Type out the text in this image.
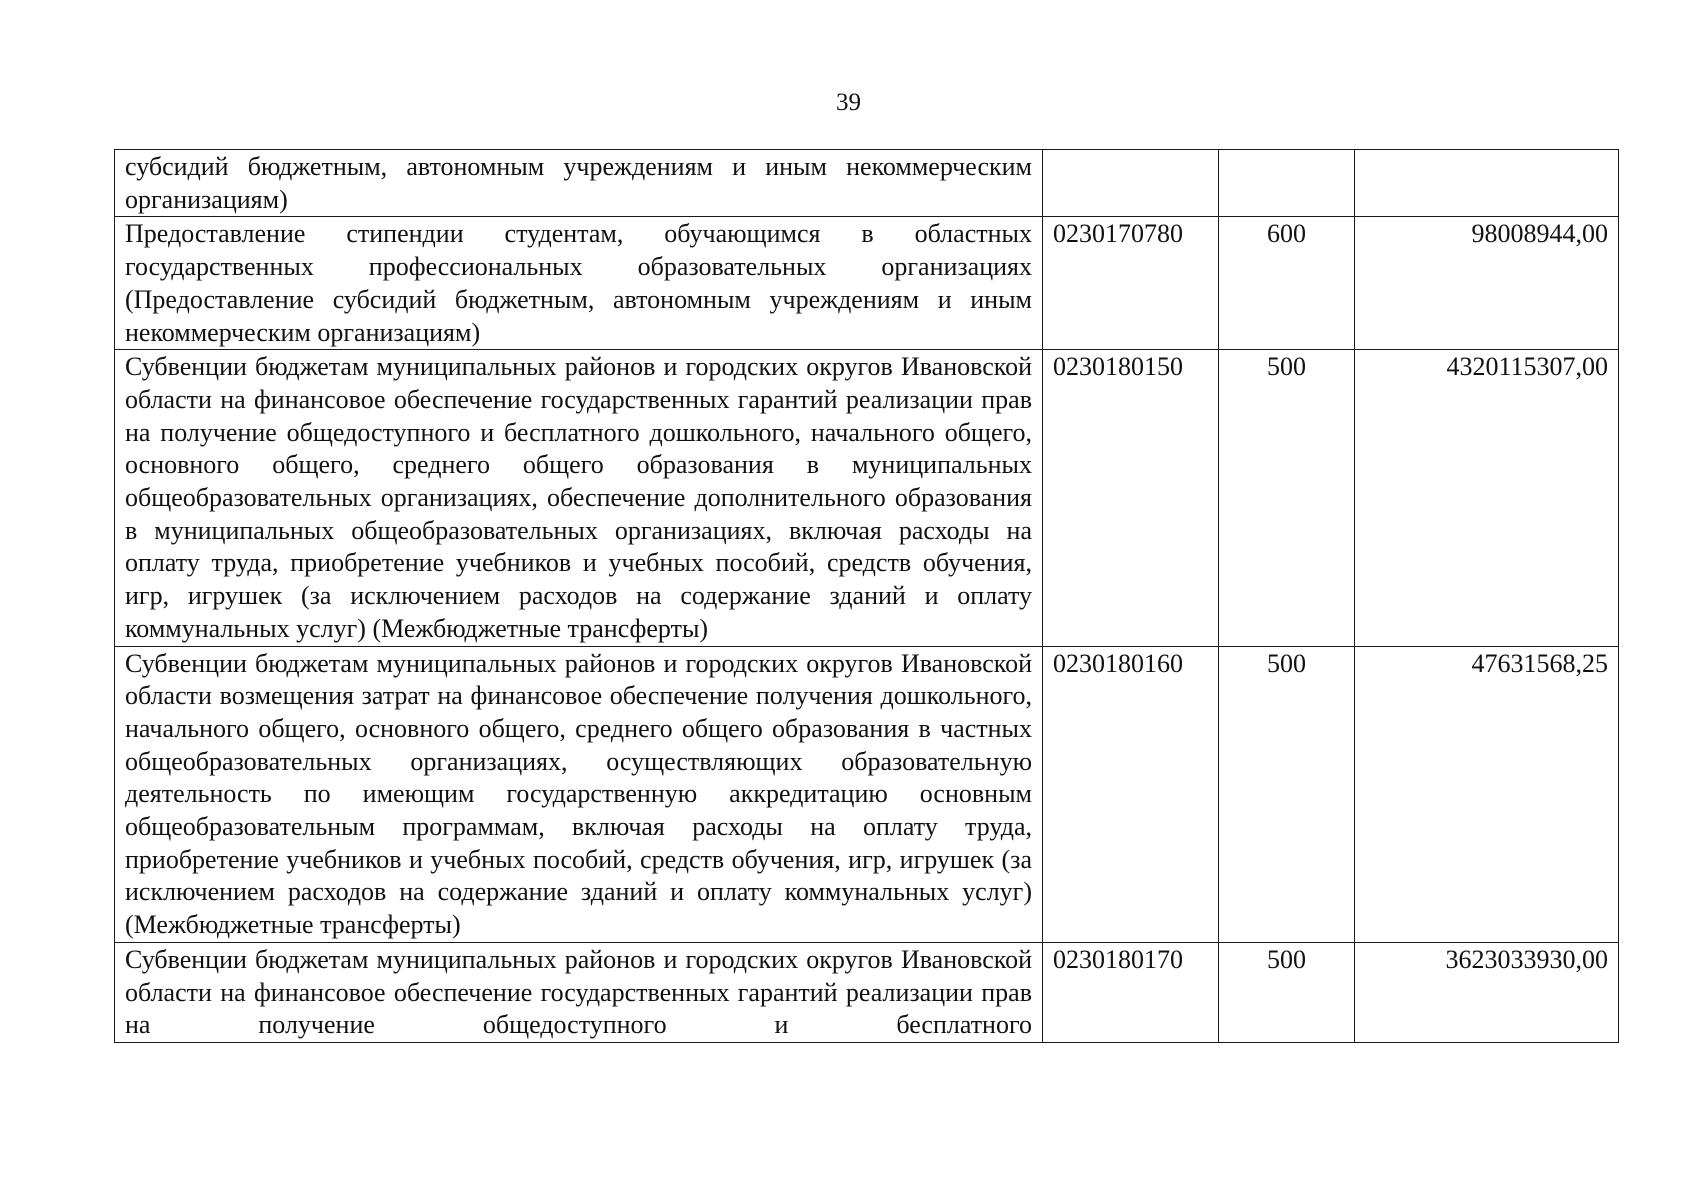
39
субсидий бюджетным, автономным учреждениям и иным некоммерческим организациям)			
Предоставление стипендии студентам, обучающимся в областных государственных профессиональных образовательных организациях (Предоставление субсидий бюджетным, автономным учреждениям и иным некоммерческим организациям)	0230170780	600	98008944,00
Субвенции бюджетам муниципальных районов и городских округов Ивановской области на финансовое обеспечение государственных гарантий реализации прав на получение общедоступного и бесплатного дошкольного, начального общего, основного общего, среднего общего образования в муниципальных общеобразовательных организациях, обеспечение дополнительного образования в муниципальных общеобразовательных организациях, включая расходы на оплату труда, приобретение учебников и учебных пособий, средств обучения, игр, игрушек (за исключением расходов на содержание зданий и оплату коммунальных услуг) (Межбюджетные трансферты)	0230180150	500	4320115307,00
Субвенции бюджетам муниципальных районов и городских округов Ивановской области возмещения затрат на финансовое обеспечение получения дошкольного, начального общего, основного общего, среднего общего образования в частных общеобразовательных организациях, осуществляющих образовательную деятельность по имеющим государственную аккредитацию основным общеобразовательным программам, включая расходы на оплату труда, приобретение учебников и учебных пособий, средств обучения, игр, игрушек (за исключением расходов на содержание зданий и оплату коммунальных услуг) (Межбюджетные трансферты)	0230180160	500	47631568,25
Субвенции бюджетам муниципальных районов и городских округов Ивановской области на финансовое обеспечение государственных гарантий реализации прав на получение общедоступного и бесплатного	0230180170	500	3623033930,00
